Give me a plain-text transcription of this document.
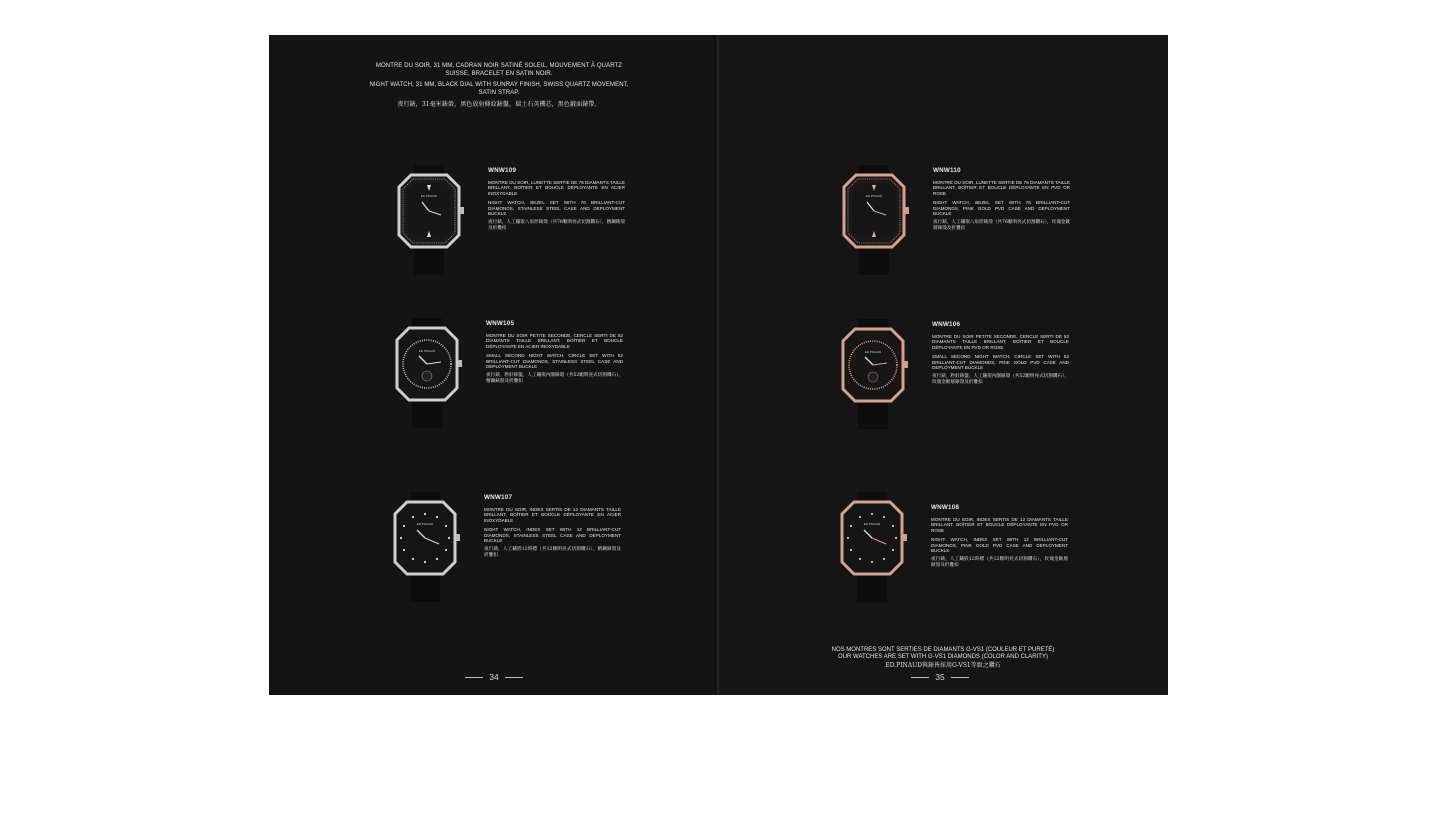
MONTRE DU SOIR, 31 MM, CADRAN NOIR SATINÉ SOLEIL, MOUVEMENT À QUARTZ SUISSE, BRACELET EN SATIN NOIR.

NIGHT WATCH, 31 MM, BLACK DIAL WITH SUNRAY FINISH, SWISS QUARTZ MOVEMENT, SATIN STRAP.

夜行錶，31毫米錶殼，黑色放射條紋錶盤，瑞士石英機芯，黑色緞面錶帶。

ED.PINAUD
WNW109

MONTRE DU SOIR, LUNETTE SERTIE DE 76 DIAMANTS TAILLE BRILLANT, BOÎTIER ET BOUCLE DÉPLOYANTE EN ACIER INOXYDABLE

NIGHT WATCH, BEZEL SET WITH 76 BRILLIANT-CUT DIAMONDS, STAINLESS STEEL CASE AND DEPLOYMENT BUCKLE

夜行錶，人工鑲嵌八角形錶殼（共76顆明亮式切割鑽石），精鋼錶殼及折疊扣

ED.PINAUD
WNW105

MONTRE DU SOIR PETITE SECONDE, CERCLE SERTI DE 52 DIAMANTS TAILLE BRILLANT, BOÎTIER ET BOUCLE DÉPLOYANTE EN ACIER INOXYDABLE

SMALL SECOND NIGHT WATCH, CIRCLE SET WITH 52 BRILLIANT-CUT DIAMONDS, STAINLESS STEEL CASE AND DEPLOYMENT BUCKLE

夜行錶，秒針錶盤，人工鑲嵌內圈錶環（共52顆明亮式切割鑽石），精鋼錶殼及折疊扣

ED.PINAUD
WNW107

MONTRE DU SOIR, INDEX SERTIS DE 12 DIAMANTS TAILLE BRILLANT, BOÎTIER ET BOUCLE DÉPLOYANTE EN ACIER INOXYDABLE

NIGHT WATCH, INDEX SET WITH 12 BRILLIANT-CUT DIAMONDS, STAINLESS STEEL CASE AND DEPLOYMENT BUCKLE

夜行錶，人工鑲嵌12時標（共12顆明亮式切割鑽石），精鋼錶殼及折疊扣

34
ED.PINAUD
WNW110

MONTRE DU SOIR, LUNETTE SERTIE DE 76 DIAMANTS TAILLE BRILLANT, BOÎTIER ET BOUCLE DÉPLOYANTE EN PVD OR ROSE

NIGHT WATCH, BEZEL SET WITH 76 BRILLIANT-CUT DIAMONDS, PINK GOLD PVD CASE AND DEPLOYMENT BUCKLE

夜行錶，人工鑲嵌八角形錶殼（共76顆明亮式切割鑽石），玫瑰金鍍層錶殼及折疊扣

ED.PINAUD
WNW106

MONTRE DU SOIR PETITE SECONDE, CERCLE SERTI DE 52 DIAMANTS TAILLE BRILLANT, BOÎTIER ET BOUCLE DÉPLOYANTE EN PVD OR ROSE

SMALL SECOND NIGHT WATCH, CIRCLE SET WITH 52 BRILLIANT-CUT DIAMONDS, PINK GOLD PVD CASE AND DEPLOYMENT BUCKLE

夜行錶，秒針錶盤，人工鑲嵌內圈錶環（共52顆明亮式切割鑽石），玫瑰金鍍層錶殼及折疊扣

ED.PINAUD
WNW108

MONTRE DU SOIR, INDEX SERTIS DE 12 DIAMANTS TAILLE BRILLANT, BOÎTIER ET BOUCLE DÉPLOYANTE EN PVD OR ROSE

NIGHT WATCH, INDEX SET WITH 12 BRILLIANT-CUT DIAMONDS, PINK GOLD PVD CASE AND DEPLOYMENT BUCKLE

夜行錶，人工鑲嵌12時標（共12顆明亮式切割鑽石），玫瑰金鍍層錶殼及折疊扣

NOS MONTRES SONT SERTIES DE DIAMANTS G-VS1 (COULEUR ET PURETÉ)
OUR WATCHES ARE SET WITH G-VS1 DIAMONDS (COLOR AND CLARITY)
ED.PINAUD與錶皆採用G-VS1等級之鑽石
35
